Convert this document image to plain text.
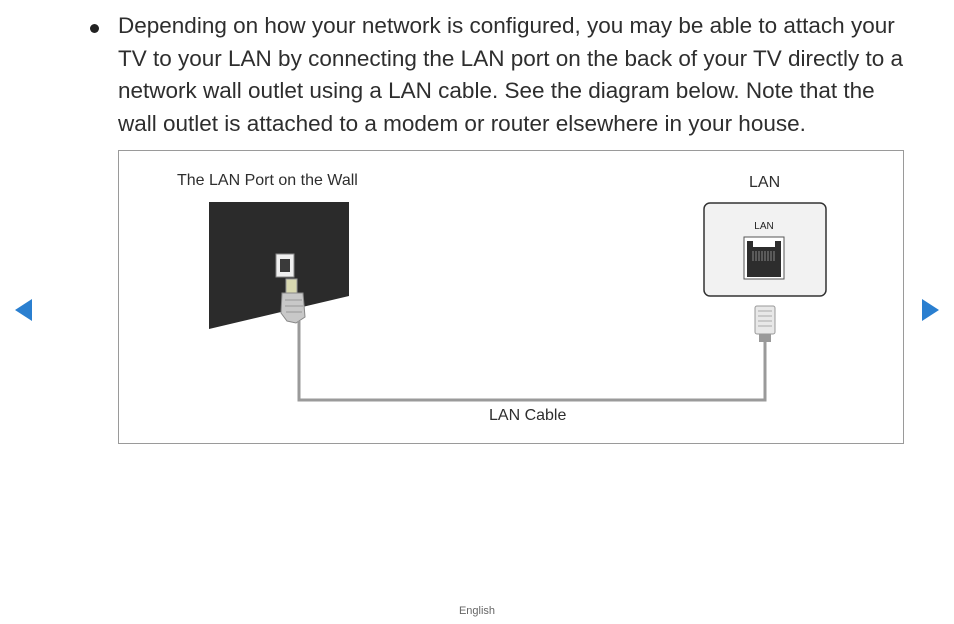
Depending on how your network is configured, you may be able to attach your TV to your LAN by connecting the LAN port on the back of your TV directly to a network wall outlet using a LAN cable. See the diagram below. Note that the wall outlet is attached to a modem or router elsewhere in your house.
LAN
The LAN Port on the Wall	LAN
LAN Cable
English
